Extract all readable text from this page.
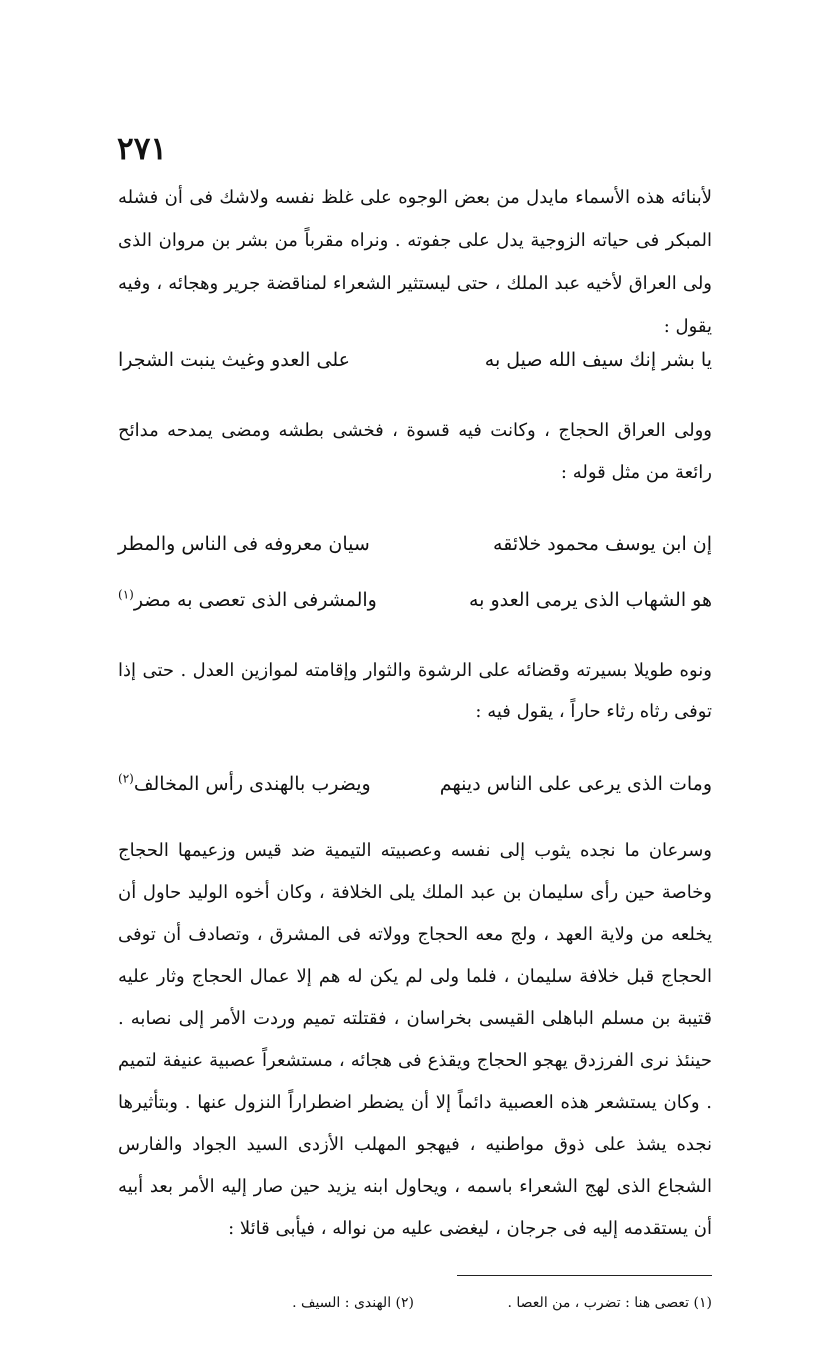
٢٧١

لأبنائه هذه الأسماء مايدل من بعض الوجوه على غلظ نفسه ولاشك فى أن فشله المبكر فى حياته الزوجية يدل على جفوته . ونراه مقرباً من بشر بن مروان الذى ولى العراق لأخيه عبد الملك ، حتى ليستثير الشعراء لمناقضة جرير وهجائه ، وفيه يقول :

يا بشر إنك سيف الله صيل به
على العدو وغيث ينبت الشجرا

وولى العراق الحجاج ، وكانت فيه قسوة ، فخشى بطشه ومضى يمدحه مدائح رائعة من مثل قوله :

إن ابن يوسف محمود خلائقه
سيان معروفه فى الناس والمطر
هو الشهاب الذى يرمى العدو به
والمشرفى الذى تعصى به مضر$^{(١)}$

ونوه طويلا بسيرته وقضائه على الرشوة والثوار وإقامته لموازين العدل . حتى إذا توفى رثاه رثاء حاراً ، يقول فيه :

ومات الذى يرعى على الناس دينهم
ويضرب بالهندى رأس المخالف$^{(٢)}$

وسرعان ما نجده يثوب إلى نفسه وعصبيته التيمية ضد قيس وزعيمها الحجاج وخاصة حين رأى سليمان بن عبد الملك يلى الخلافة ، وكان أخوه الوليد حاول أن يخلعه من ولاية العهد ، ولج معه الحجاج وولاته فى المشرق ، وتصادف أن توفى الحجاج قبل خلافة سليمان ، فلما ولى لم يكن له هم إلا عمال الحجاج وثار عليه قتيبة بن مسلم الباهلى القيسى بخراسان ، فقتلته تميم وردت الأمر إلى نصابه . حينئذ نرى الفرزدق يهجو الحجاج ويقذع فى هجائه ، مستشعراً عصبية عنيفة لتميم . وكان يستشعر هذه العصبية دائماً إلا أن يضطر اضطراراً النزول عنها . وبتأثيرها نجده يشذ على ذوق مواطنيه ، فيهجو المهلب الأزدى السيد الجواد والفارس الشجاع الذى لهج الشعراء باسمه ، ويحاول ابنه يزيد حين صار إليه الأمر بعد أبيه أن يستقدمه إليه فى جرجان ، ليغضى عليه من نواله ، فيأبى قائلا :

(١) تعصى هنا : تضرب ، من العصا .
(٢) الهندى : السيف .
